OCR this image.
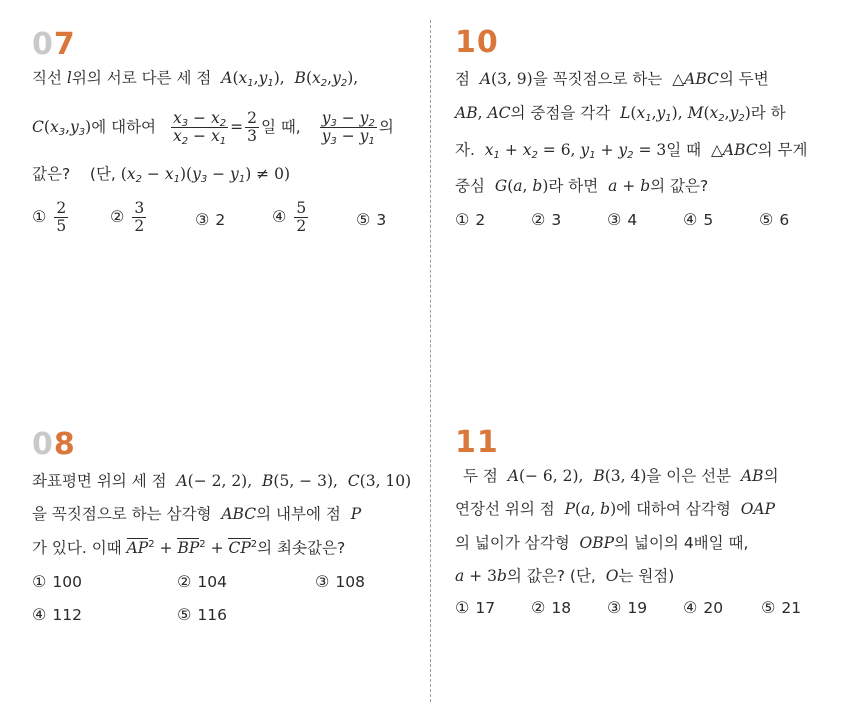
07
직선 l위의 서로 다른 세 점  $A(x_1,y_1)$,  $B(x_2,y_2)$,
$C(x_3,y_3)$에 대하여 $\frac{x_3 - x_2}{x_2 - x_1} = \frac{2}{3}$ 일 때, $\frac{y_3 - y_2}{y_3 - y_1}$ 의
값은? (단, $(x_2 - x_1)(y_3 - y_1) \ne 0$)
① $\frac{2}{5}$	② $\frac{3}{2}$	③ 2	④ $\frac{5}{2}$	⑤ 3
08
좌표평면 위의 세 점  A(− 2, 2),  B(5, − 3),  C(3, 10)
을 꼭짓점으로 하는 삼각형  ABC의 내부에 점  P
가 있다. 이때 $AP^2 + BP^2 + CP^2$의 최솟값은?
① 100	② 104	③ 108
④ 112	⑤ 116
10
점  A(3, 9)을 꼭짓점으로 하는  △ABC의 두변
AB, AC의 중점을 각각  $L(x_1,y_1)$, $M(x_2,y_2)$라 하
자.  $x_1 + x_2 = 6$, $y_1 + y_2 = 3$일 때  △ABC의 무게
중심  G(a, b)라 하면  a + b의 값은?
① 2	② 3	③ 4	④ 5	⑤ 6
11
두 점  A(− 6, 2),  B(3, 4)을 이은 선분  AB의
연장선 위의 점  P(a, b)에 대하여 삼각형  OAP
의 넓이가 삼각형  OBP의 넓이의 4배일 때,
a + 3b의 값은? (단,  O는 원점)
① 17 ② 18 ③ 19 ④ 20 ⑤ 21
